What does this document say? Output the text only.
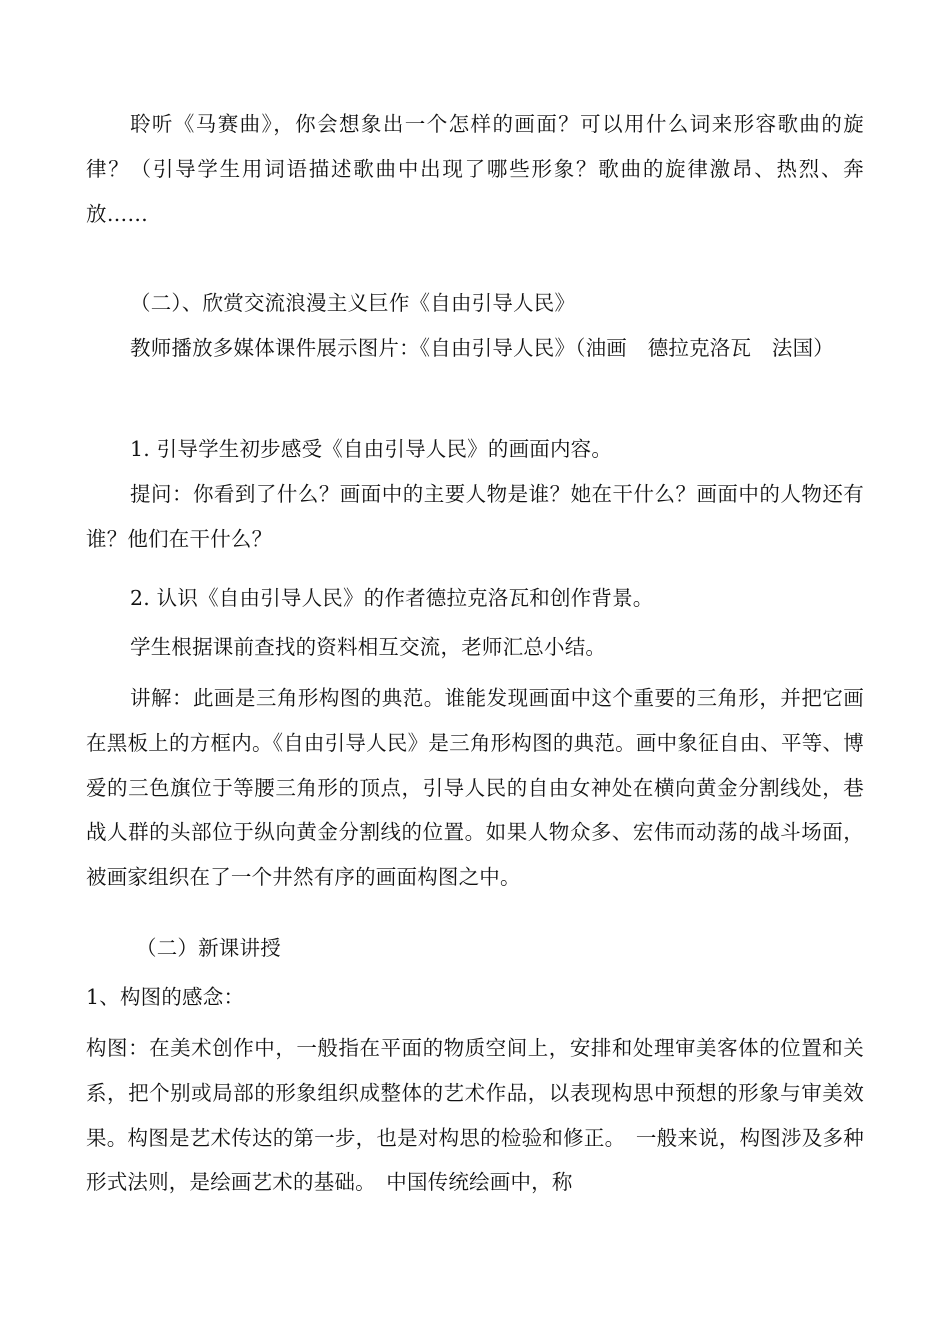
聆听《马赛曲》，你会想象出一个怎样的画面？可以用什么词来形容歌曲的旋律？（引导学生用词语描述歌曲中出现了哪些形象？歌曲的旋律激昂、热烈、奔放……

（二）、欣赏交流浪漫主义巨作《自由引导人民》

教师播放多媒体课件展示图片：《自由引导人民》（油画　德拉克洛瓦　法国）

1. 引导学生初步感受《自由引导人民》的画面内容。

提问：你看到了什么？画面中的主要人物是谁？她在干什么？画面中的人物还有谁？他们在干什么？

2. 认识《自由引导人民》的作者德拉克洛瓦和创作背景。

学生根据课前查找的资料相互交流，老师汇总小结。

讲解：此画是三角形构图的典范。谁能发现画面中这个重要的三角形，并把它画在黑板上的方框内。《自由引导人民》是三角形构图的典范。画中象征自由、平等、博爱的三色旗位于等腰三角形的顶点，引导人民的自由女神处在横向黄金分割线处，巷战人群的头部位于纵向黄金分割线的位置。如果人物众多、宏伟而动荡的战斗场面，被画家组织在了一个井然有序的画面构图之中。

（二）新课讲授

1、构图的感念：

构图：在美术创作中，一般指在平面的物质空间上，安排和处理审美客体的位置和关系，把个别或局部的形象组织成整体的艺术作品，以表现构思中预想的形象与审美效果。构图是艺术传达的第一步，也是对构思的检验和修正。　一般来说，构图涉及多种形式法则，是绘画艺术的基础。　中国传统绘画中，称
